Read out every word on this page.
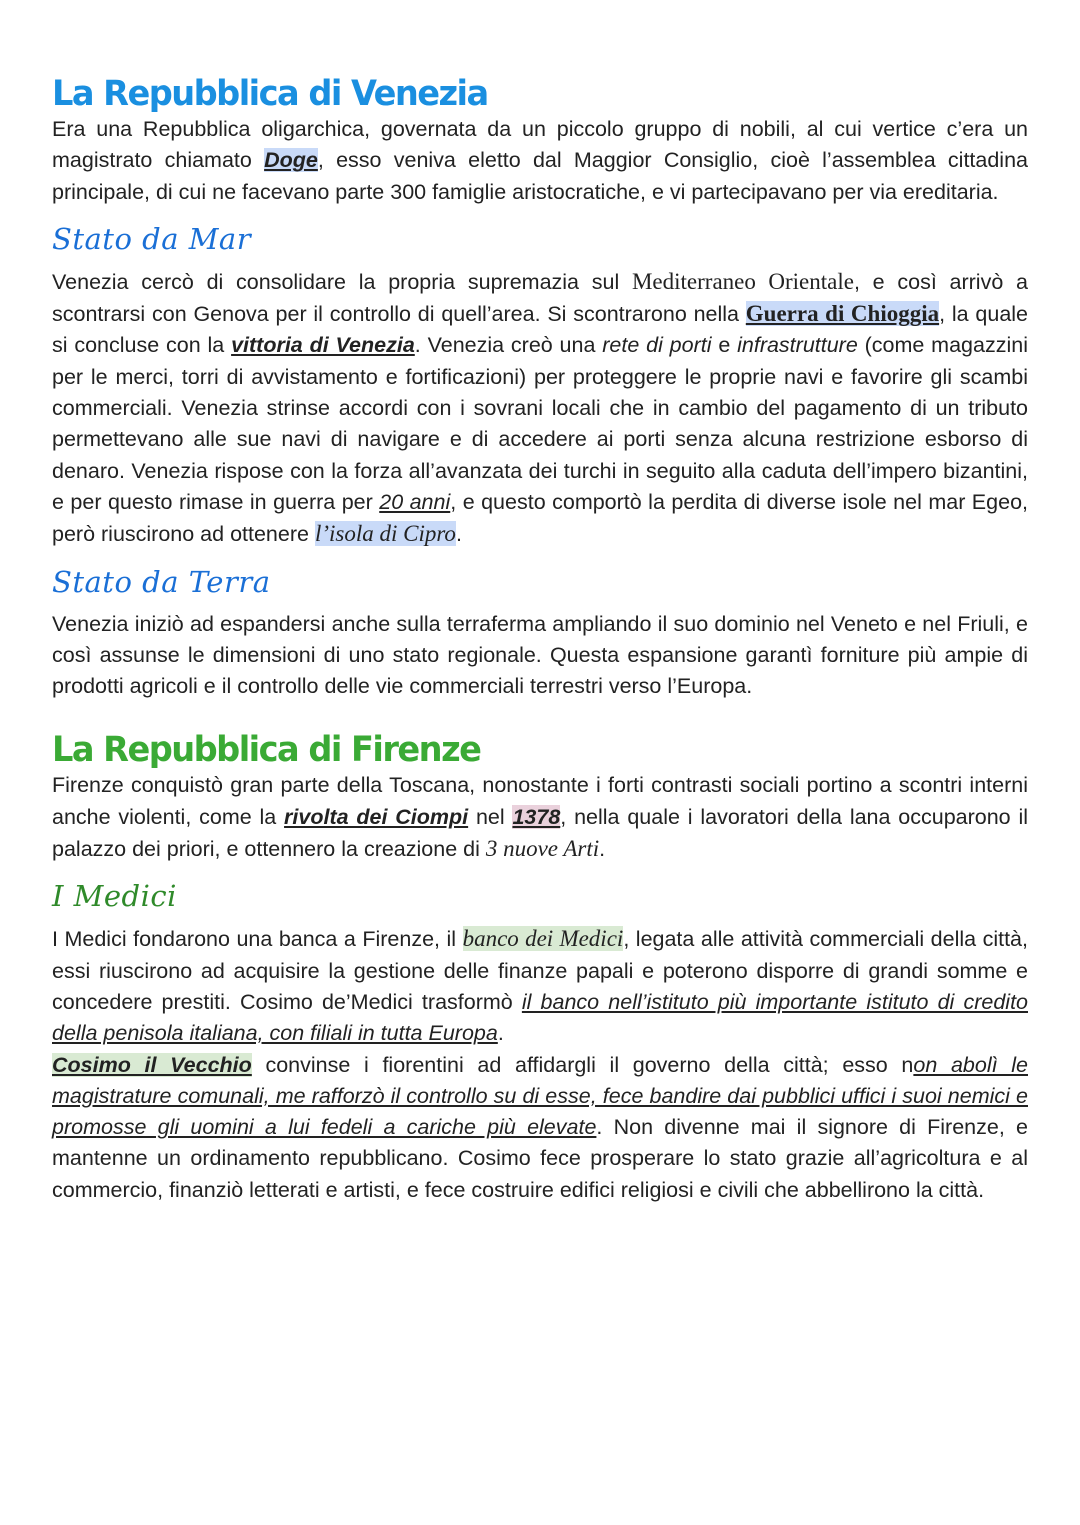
La Repubblica di Venezia

Era una Repubblica oligarchica, governata da un piccolo gruppo di nobili, al cui vertice c’era un magistrato chiamato Doge, esso veniva eletto dal Maggior Consiglio, cioè l’assemblea cittadina principale, di cui ne facevano parte 300 famiglie aristocratiche, e vi partecipavano per via ereditaria.

Stato da Mar

Venezia cercò di consolidare la propria supremazia sul Mediterraneo Orientale, e così arrivò a scontrarsi con Genova per il controllo di quell’area. Si scontrarono nella Guerra di Chioggia, la quale si concluse con la vittoria di Venezia. Venezia creò una rete di porti e infrastrutture (come magazzini per le merci, torri di avvistamento e fortificazioni) per proteggere le proprie navi e favorire gli scambi commerciali. Venezia strinse accordi con i sovrani locali che in cambio del pagamento di un tributo permettevano alle sue navi di navigare e di accedere ai porti senza alcuna restrizione esborso di denaro. Venezia rispose con la forza all’avanzata dei turchi in seguito alla caduta dell’impero bizantini, e per questo rimase in guerra per 20 anni, e questo comportò la perdita di diverse isole nel mar Egeo, però riuscirono ad ottenere l’isola di Cipro.

Stato da Terra

Venezia iniziò ad espandersi anche sulla terraferma ampliando il suo dominio nel Veneto e nel Friuli, e così assunse le dimensioni di uno stato regionale. Questa espansione garantì forniture più ampie di prodotti agricoli e il controllo delle vie commerciali terrestri verso l’Europa.

La Repubblica di Firenze

Firenze conquistò gran parte della Toscana, nonostante i forti contrasti sociali portino a scontri interni anche violenti, come la rivolta dei Ciompi nel 1378, nella quale i lavoratori della lana occuparono il palazzo dei priori, e ottennero la creazione di 3 nuove Arti.

I Medici

I Medici fondarono una banca a Firenze, il banco dei Medici, legata alle attività commerciali della città, essi riuscirono ad acquisire la gestione delle finanze papali e poterono disporre di grandi somme e concedere prestiti. Cosimo de’Medici trasformò il banco nell’istituto più importante istituto di credito della penisola italiana, con filiali in tutta Europa.
Cosimo il Vecchio convinse i fiorentini ad affidargli il governo della città; esso non abolì le magistrature comunali, me rafforzò il controllo su di esse, fece bandire dai pubblici uffici i suoi nemici e promosse gli uomini a lui fedeli a cariche più elevate. Non divenne mai il signore di Firenze, e mantenne un ordinamento repubblicano. Cosimo fece prosperare lo stato grazie all’agricoltura e al commercio, finanziò letterati e artisti, e fece costruire edifici religiosi e civili che abbellirono la città.
